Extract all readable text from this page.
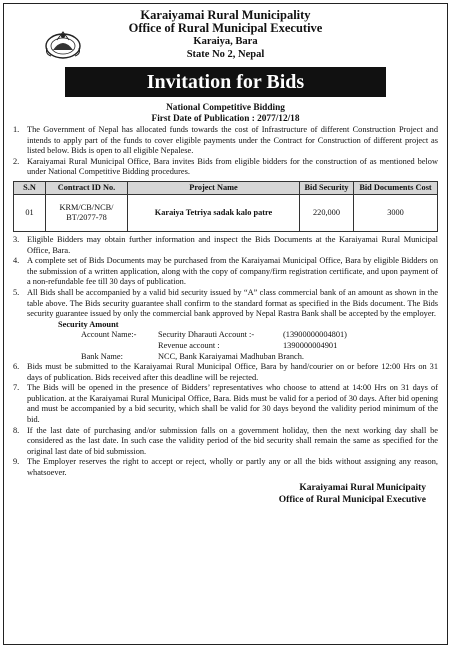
Karaiyamai Rural Municipality
Office of Rural Municipal Executive
Karaiya, Bara
State No 2, Nepal
Invitation for Bids
National Competitive Bidding
First Date of Publication : 2077/12/18
1. The Government of Nepal has allocated funds towards the cost of Infrastructure of different Construction Project and intends to apply part of the funds to cover eligible payments under the Contract for Construction of different project as listed below. Bids is open to all eligible Nepalese.
2. Karaiyamai Rural Municipal Office, Bara invites Bids from eligible bidders for the construction of as mentioned below under National Competitive Bidding procedures.
S.N	Contract ID No.	Project Name	Bid Security	Bid Documents Cost
01	KRM/CB/NCB/ BT/2077-78	Karaiya Tetriya sadak kalo patre	220,000	3000
3. Eligible Bidders may obtain further information and inspect the Bids Documents at the Karaiyamai Rural Municipal Office, Bara.
4. A complete set of Bids Documents may be purchased from the Karaiyamai Municipal Office, Bara by eligible Bidders on the submission of a written application, along with the copy of company/firm registration certificate, and upon payment of a non-refundable fee till 30 days of publication.
5. All Bids shall be accompanied by a valid bid security issued by “A” class commercial bank of an amount as shown in the table above. The Bids security guarantee shall confirm to the standard format as specified in the Bids document. The Bids security guarantee issued by only the commercial bank approved by Nepal Rastra Bank shall be accepted by the employer.
Security Amount
Account Name:-	Security Dharauti Account :-	(13900000004801)
Revenue account :	1390000004901
Bank Name:	NCC, Bank Karaiyamai Madhuban Branch.
6. Bids must be submitted to the Karaiyamai Rural Municipal Office, Bara by hand/courier on or before 12:00 Hrs on 31 days of publication. Bids received after this deadline will be rejected.
7. The Bids will be opened in the presence of Bidders’ representatives who choose to attend at 14:00 Hrs on 31 days of publication. at the Karaiyamai Rural Municipal Office, Bara. Bids must be valid for a period of 30 days. After bid opening and must be accompanied by a bid security, which shall be valid for 30 days beyond the validity period minimum of the bid.
8. If the last date of purchasing and/or submission falls on a government holiday, then the next working day shall be considered as the last date. In such case the validity period of the bid security shall remain the same as specified for the original last date of bid submission.
9. The Employer reserves the right to accept or reject, wholly or partly any or all the bids without assigning any reason, whatsoever.
Karaiyamai Rural Municipaity
Office of Rural Municipal Executive
